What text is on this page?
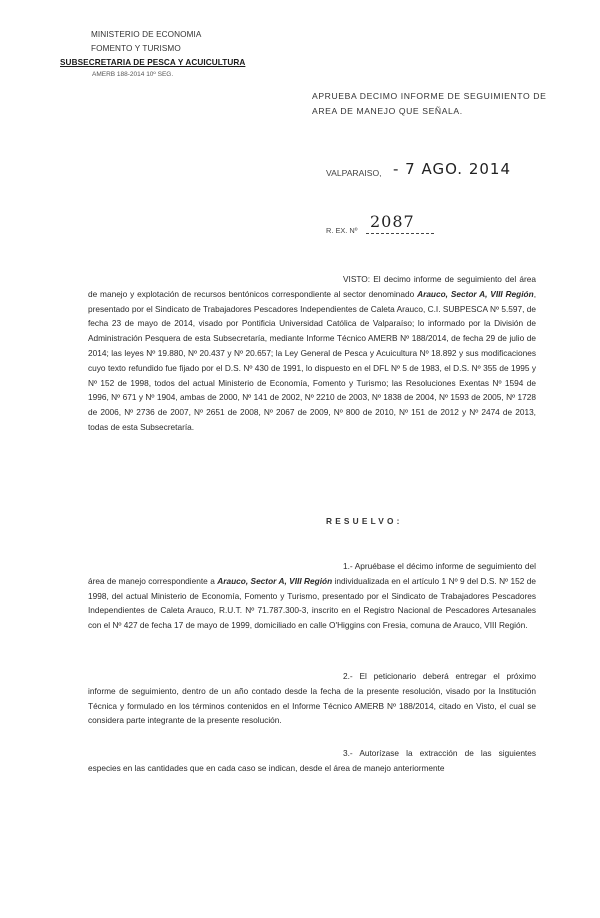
MINISTERIO DE ECONOMIA
FOMENTO Y TURISMO
SUBSECRETARIA DE PESCA Y ACUICULTURA
AMERB 188-2014 10º SEG.
APRUEBA DECIMO INFORME DE SEGUIMIENTO DE
AREA DE MANEJO QUE SEÑALA.
VALPARAISO, - 7 AGO. 2014
R. EX. Nº 2087
VISTO: El decimo informe de seguimiento del área de manejo y explotación de recursos bentónicos correspondiente al sector denominado Arauco, Sector A, VIII Región, presentado por el Sindicato de Trabajadores Pescadores Independientes de Caleta Arauco, C.I. SUBPESCA Nº 5.597, de fecha 23 de mayo de 2014, visado por Pontificia Universidad Católica de Valparaíso; lo informado por la División de Administración Pesquera de esta Subsecretaría, mediante Informe Técnico AMERB Nº 188/2014, de fecha 29 de julio de 2014; las leyes Nº 19.880, Nº 20.437 y Nº 20.657; la Ley General de Pesca y Acuicultura Nº 18.892 y sus modificaciones cuyo texto refundido fue fijado por el D.S. Nº 430 de 1991, lo dispuesto en el DFL Nº 5 de 1983, el D.S. Nº 355 de 1995 y Nº 152 de 1998, todos del actual Ministerio de Economía, Fomento y Turismo; las Resoluciones Exentas Nº 1594 de 1996, Nº 671 y Nº 1904, ambas de 2000, Nº 141 de 2002, Nº 2210 de 2003, Nº 1838 de 2004, Nº 1593 de 2005, Nº 1728 de 2006, Nº 2736 de 2007, Nº 2651 de 2008, Nº 2067 de 2009, Nº 800 de 2010, Nº 151 de 2012 y Nº 2474 de 2013, todas de esta Subsecretaría.
RESUELVO:
1.- Apruébase el décimo informe de seguimiento del área de manejo correspondiente a Arauco, Sector A, VIII Región individualizada en el artículo 1 Nº 9 del D.S. Nº 152 de 1998, del actual Ministerio de Economía, Fomento y Turismo, presentado por el Sindicato de Trabajadores Pescadores Independientes de Caleta Arauco, R.U.T. Nº 71.787.300-3, inscrito en el Registro Nacional de Pescadores Artesanales con el Nº 427 de fecha 17 de mayo de 1999, domiciliado en calle O'Higgins con Fresia, comuna de Arauco, VIII Región.
2.- El peticionario deberá entregar el próximo informe de seguimiento, dentro de un año contado desde la fecha de la presente resolución, visado por la Institución Técnica y formulado en los términos contenidos en el Informe Técnico AMERB Nº 188/2014, citado en Visto, el cual se considera parte integrante de la presente resolución.
3.- Autorízase la extracción de las siguientes especies en las cantidades que en cada caso se indican, desde el área de manejo anteriormente
